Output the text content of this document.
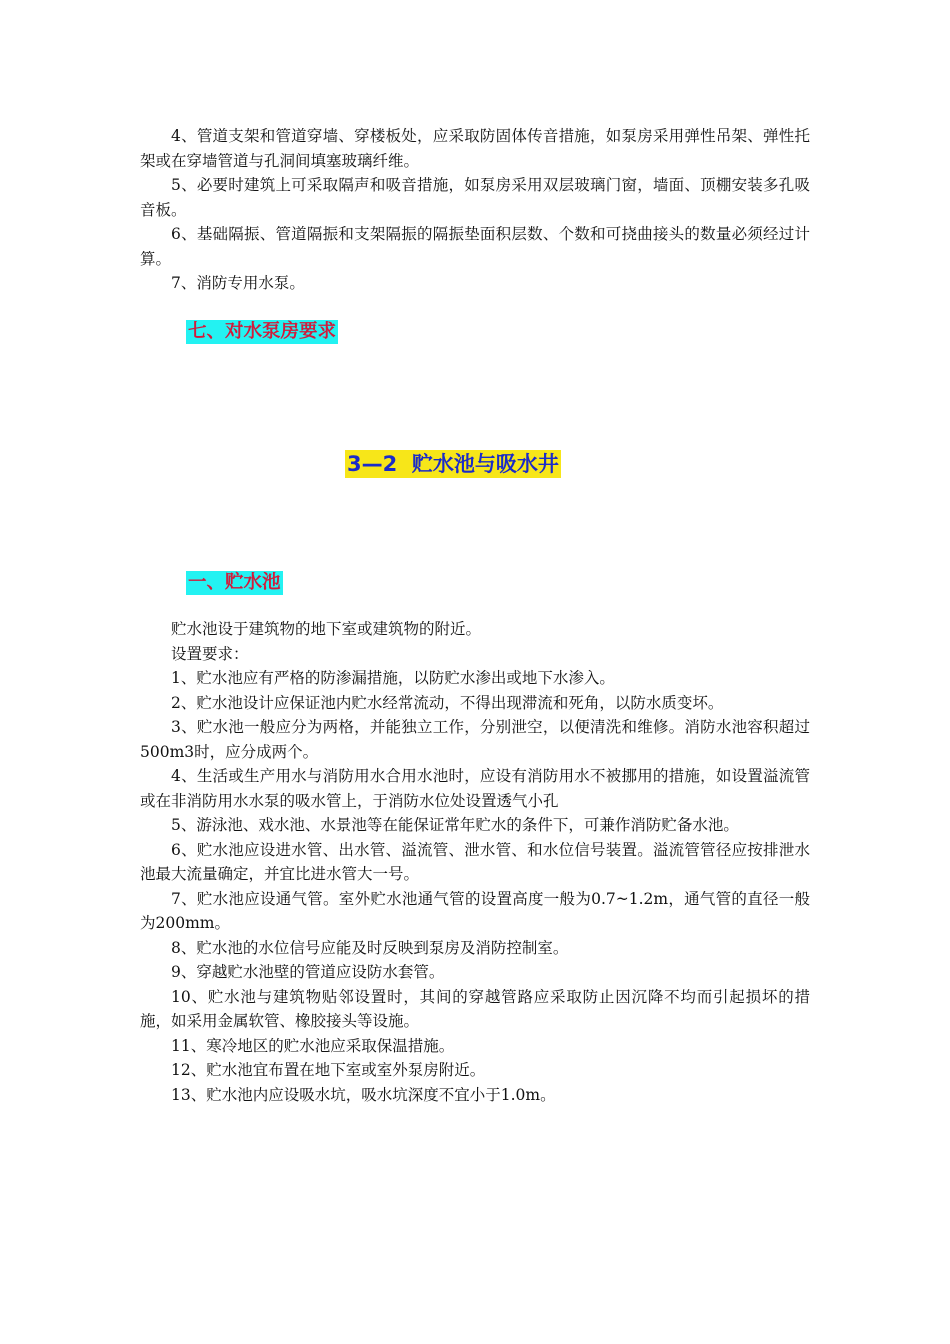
4、管道支架和管道穿墙、穿楼板处，应采取防固体传音措施，如泵房采用弹性吊架、弹性托架或在穿墙管道与孔洞间填塞玻璃纤维。

5、必要时建筑上可采取隔声和吸音措施，如泵房采用双层玻璃门窗，墙面、顶棚安装多孔吸音板。

6、基础隔振、管道隔振和支架隔振的隔振垫面积层数、个数和可挠曲接头的数量必须经过计算。

7、消防专用水泵。

七、对水泵房要求
3—2  贮水池与吸水井
一、贮水池

贮水池设于建筑物的地下室或建筑物的附近。

设置要求：

1、贮水池应有严格的防渗漏措施，以防贮水渗出或地下水渗入。

2、贮水池设计应保证池内贮水经常流动，不得出现滞流和死角，以防水质变坏。

3、贮水池一般应分为两格，并能独立工作，分别泄空，以便清洗和维修。消防水池容积超过500m3时，应分成两个。

4、生活或生产用水与消防用水合用水池时，应设有消防用水不被挪用的措施，如设置溢流管或在非消防用水水泵的吸水管上，于消防水位处设置透气小孔

5、游泳池、戏水池、水景池等在能保证常年贮水的条件下，可兼作消防贮备水池。

6、贮水池应设进水管、出水管、溢流管、泄水管、和水位信号装置。溢流管管径应按排泄水池最大流量确定，并宜比进水管大一号。

7、贮水池应设通气管。室外贮水池通气管的设置高度一般为0.7~1.2m，通气管的直径一般为200mm。

8、贮水池的水位信号应能及时反映到泵房及消防控制室。

9、穿越贮水池壁的管道应设防水套管。

10、贮水池与建筑物贴邻设置时，其间的穿越管路应采取防止因沉降不均而引起损坏的措施，如采用金属软管、橡胶接头等设施。

11、寒冷地区的贮水池应采取保温措施。

12、贮水池宜布置在地下室或室外泵房附近。

13、贮水池内应设吸水坑，吸水坑深度不宜小于1.0m。
